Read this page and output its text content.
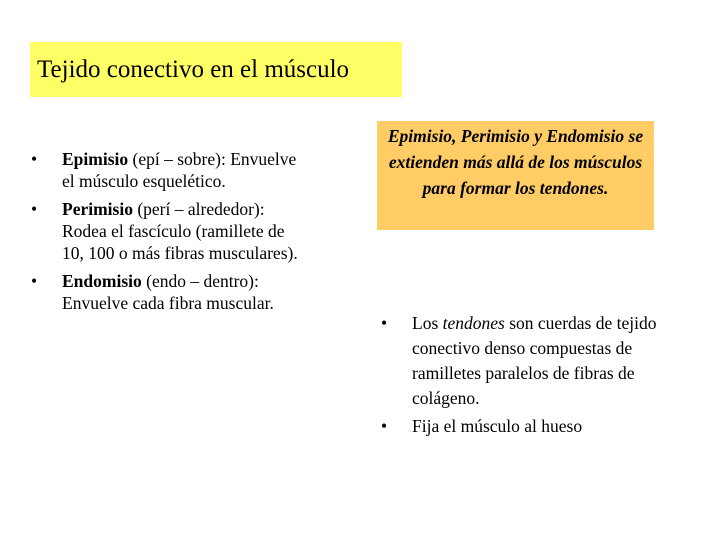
Tejido conectivo en el músculo
• Epimisio (epí – sobre): Envuelve el músculo esquelético.
• Perimisio (perí – alrededor): Rodea el fascículo (ramillete de 10, 100 o más fibras musculares).
• Endomisio (endo – dentro): Envuelve cada fibra muscular.
Epimisio, Perimisio y Endomisio se extienden más allá de los músculos para formar los tendones.
• Los tendones son cuerdas de tejido conectivo denso compuestas de ramilletes paralelos de fibras de colágeno.
• Fija el músculo al hueso
